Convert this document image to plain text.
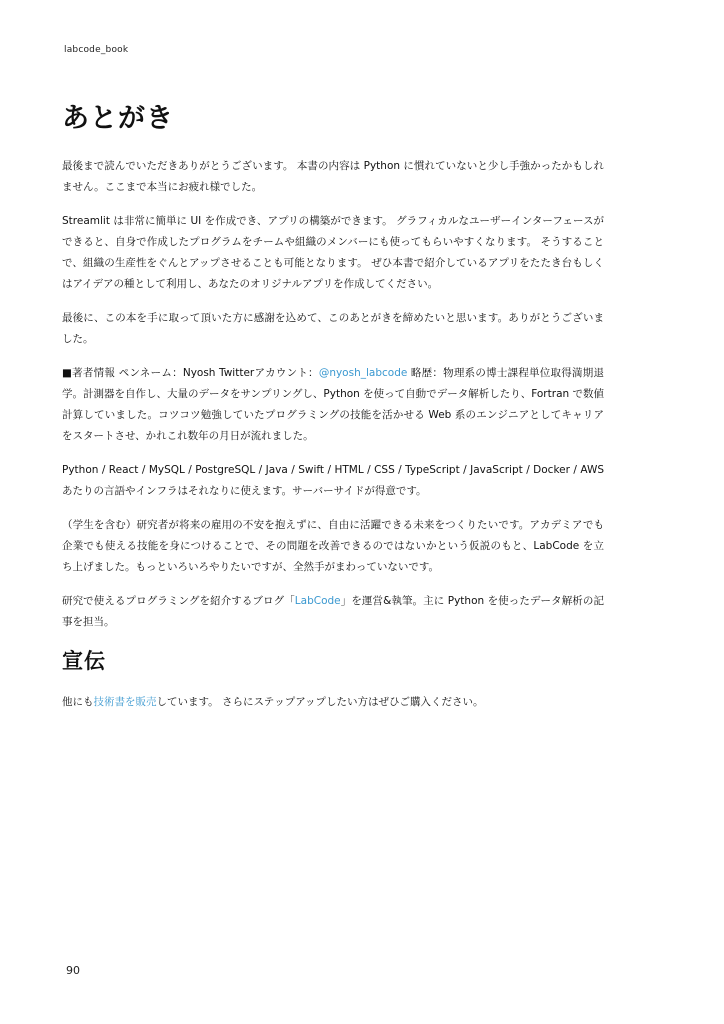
labcode_book
あとがき

最後まで読んでいただきありがとうございます。 本書の内容は Python に慣れていないと少し手強かったかもしれません。ここまで本当にお疲れ様でした。

Streamlit は非常に簡単に UI を作成でき、アプリの構築ができます。 グラフィカルなユーザーインターフェースができると、自身で作成したプログラムをチームや組織のメンバーにも使ってもらいやすくなります。 そうすることで、組織の生産性をぐんとアップさせることも可能となります。 ぜひ本書で紹介しているアプリをたたき台もしくはアイデアの種として利用し、あなたのオリジナルアプリを作成してください。

最後に、この本を手に取って頂いた方に感謝を込めて、このあとがきを締めたいと思います。ありがとうございました。

■著者情報 ペンネーム：Nyosh Twitterアカウント：@nyosh_labcode 略歴：物理系の博士課程単位取得満期退学。計測器を自作し、大量のデータをサンプリングし、Python を使って自動でデータ解析したり、Fortran で数値計算していました。コツコツ勉強していたプログラミングの技能を活かせる Web 系のエンジニアとしてキャリアをスタートさせ、かれこれ数年の月日が流れました。

Python / React / MySQL / PostgreSQL / Java / Swift / HTML / CSS / TypeScript / JavaScript / Docker / AWS あたりの言語やインフラはそれなりに使えます。サーバーサイドが得意です。

（学生を含む）研究者が将来の雇用の不安を抱えずに、自由に活躍できる未来をつくりたいです。アカデミアでも企業でも使える技能を身につけることで、その問題を改善できるのではないかという仮説のもと、LabCode を立ち上げました。もっといろいろやりたいですが、全然手がまわっていないです。

研究で使えるプログラミングを紹介するブログ「LabCode」を運営&執筆。主に Python を使ったデータ解析の記事を担当。

宣伝

他にも技術書を販売しています。 さらにステップアップしたい方はぜひご購入ください。

90
